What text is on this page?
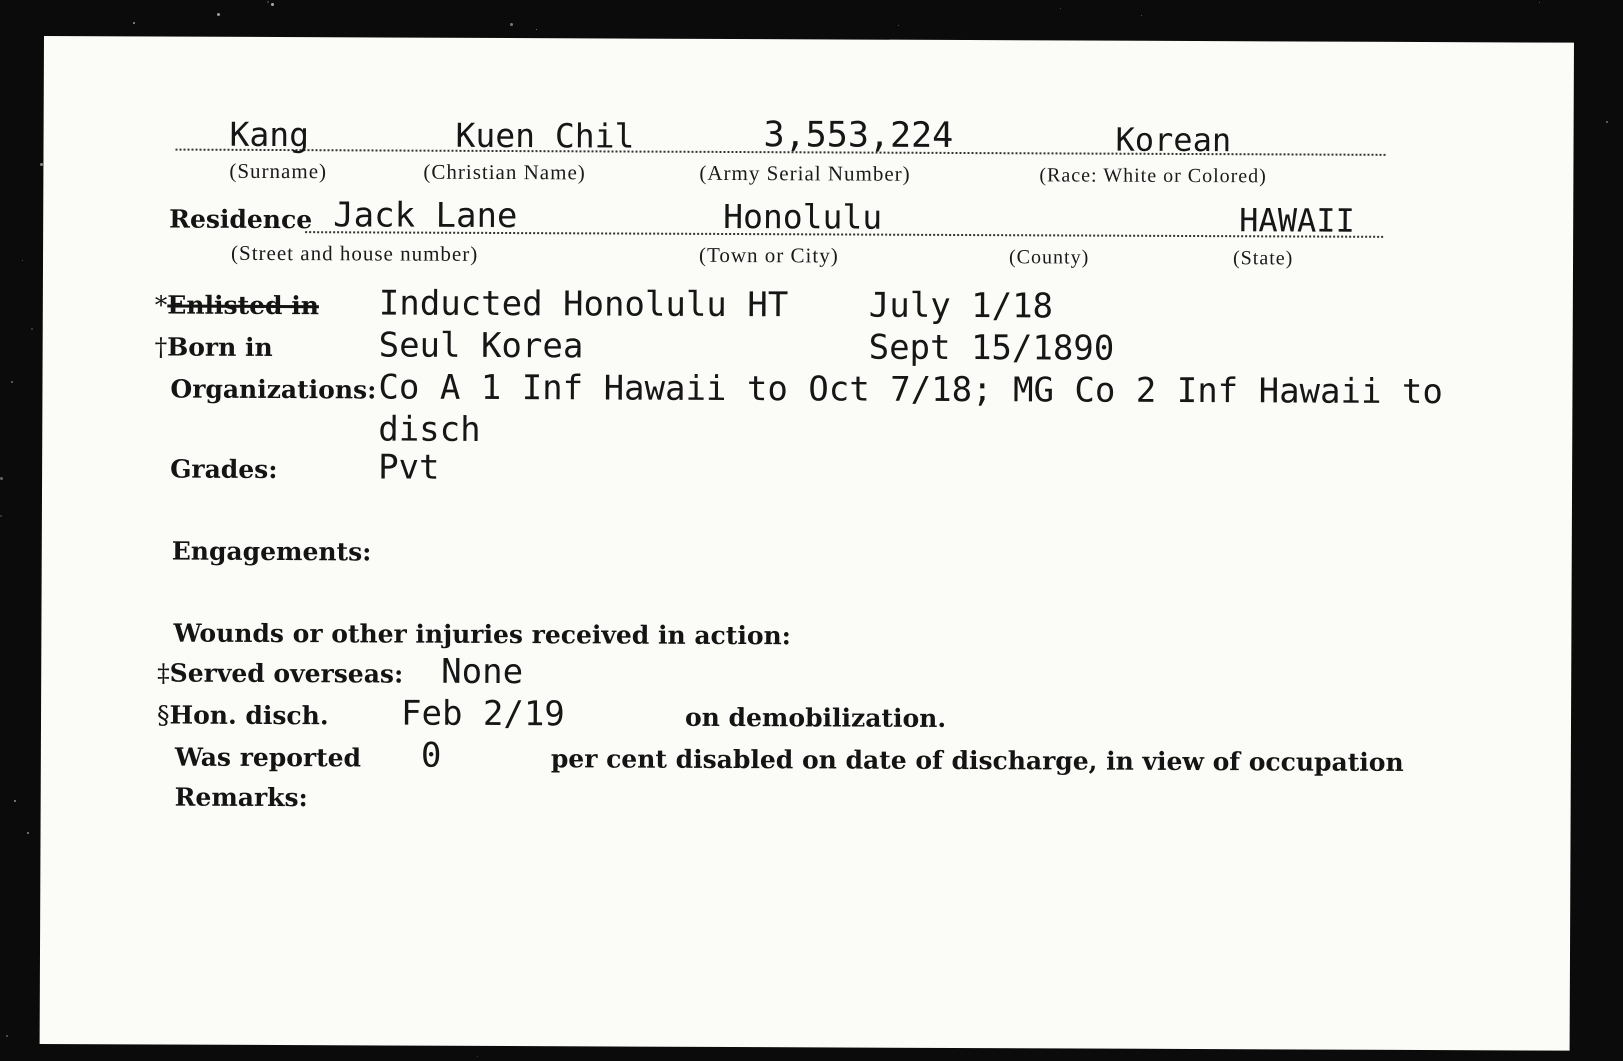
Kang	Kuen Chil	3,553,224	Korean
(Surname)	(Christian Name)	(Army Serial Number)	(Race: White or Colored)
Residence Jack Lane	Honolulu	HAWAII
(Street and house number)	(Town or City)	(County)	(State)
*Enlisted in Inducted Honolulu HT July 1/18
†Born in	Seul Korea	Sept 15/1890
Organizations: Co A 1 Inf Hawaii to Oct 7/18; MG Co 2 Inf Hawaii to
disch
Grades:	Pvt
Engagements:
Wounds or other injuries received in action:
‡Served overseas: None
§Hon. disch. Feb 2/19	on demobilization.
Was reported 0	per cent disabled on date of discharge, in view of occupation
Remarks:
